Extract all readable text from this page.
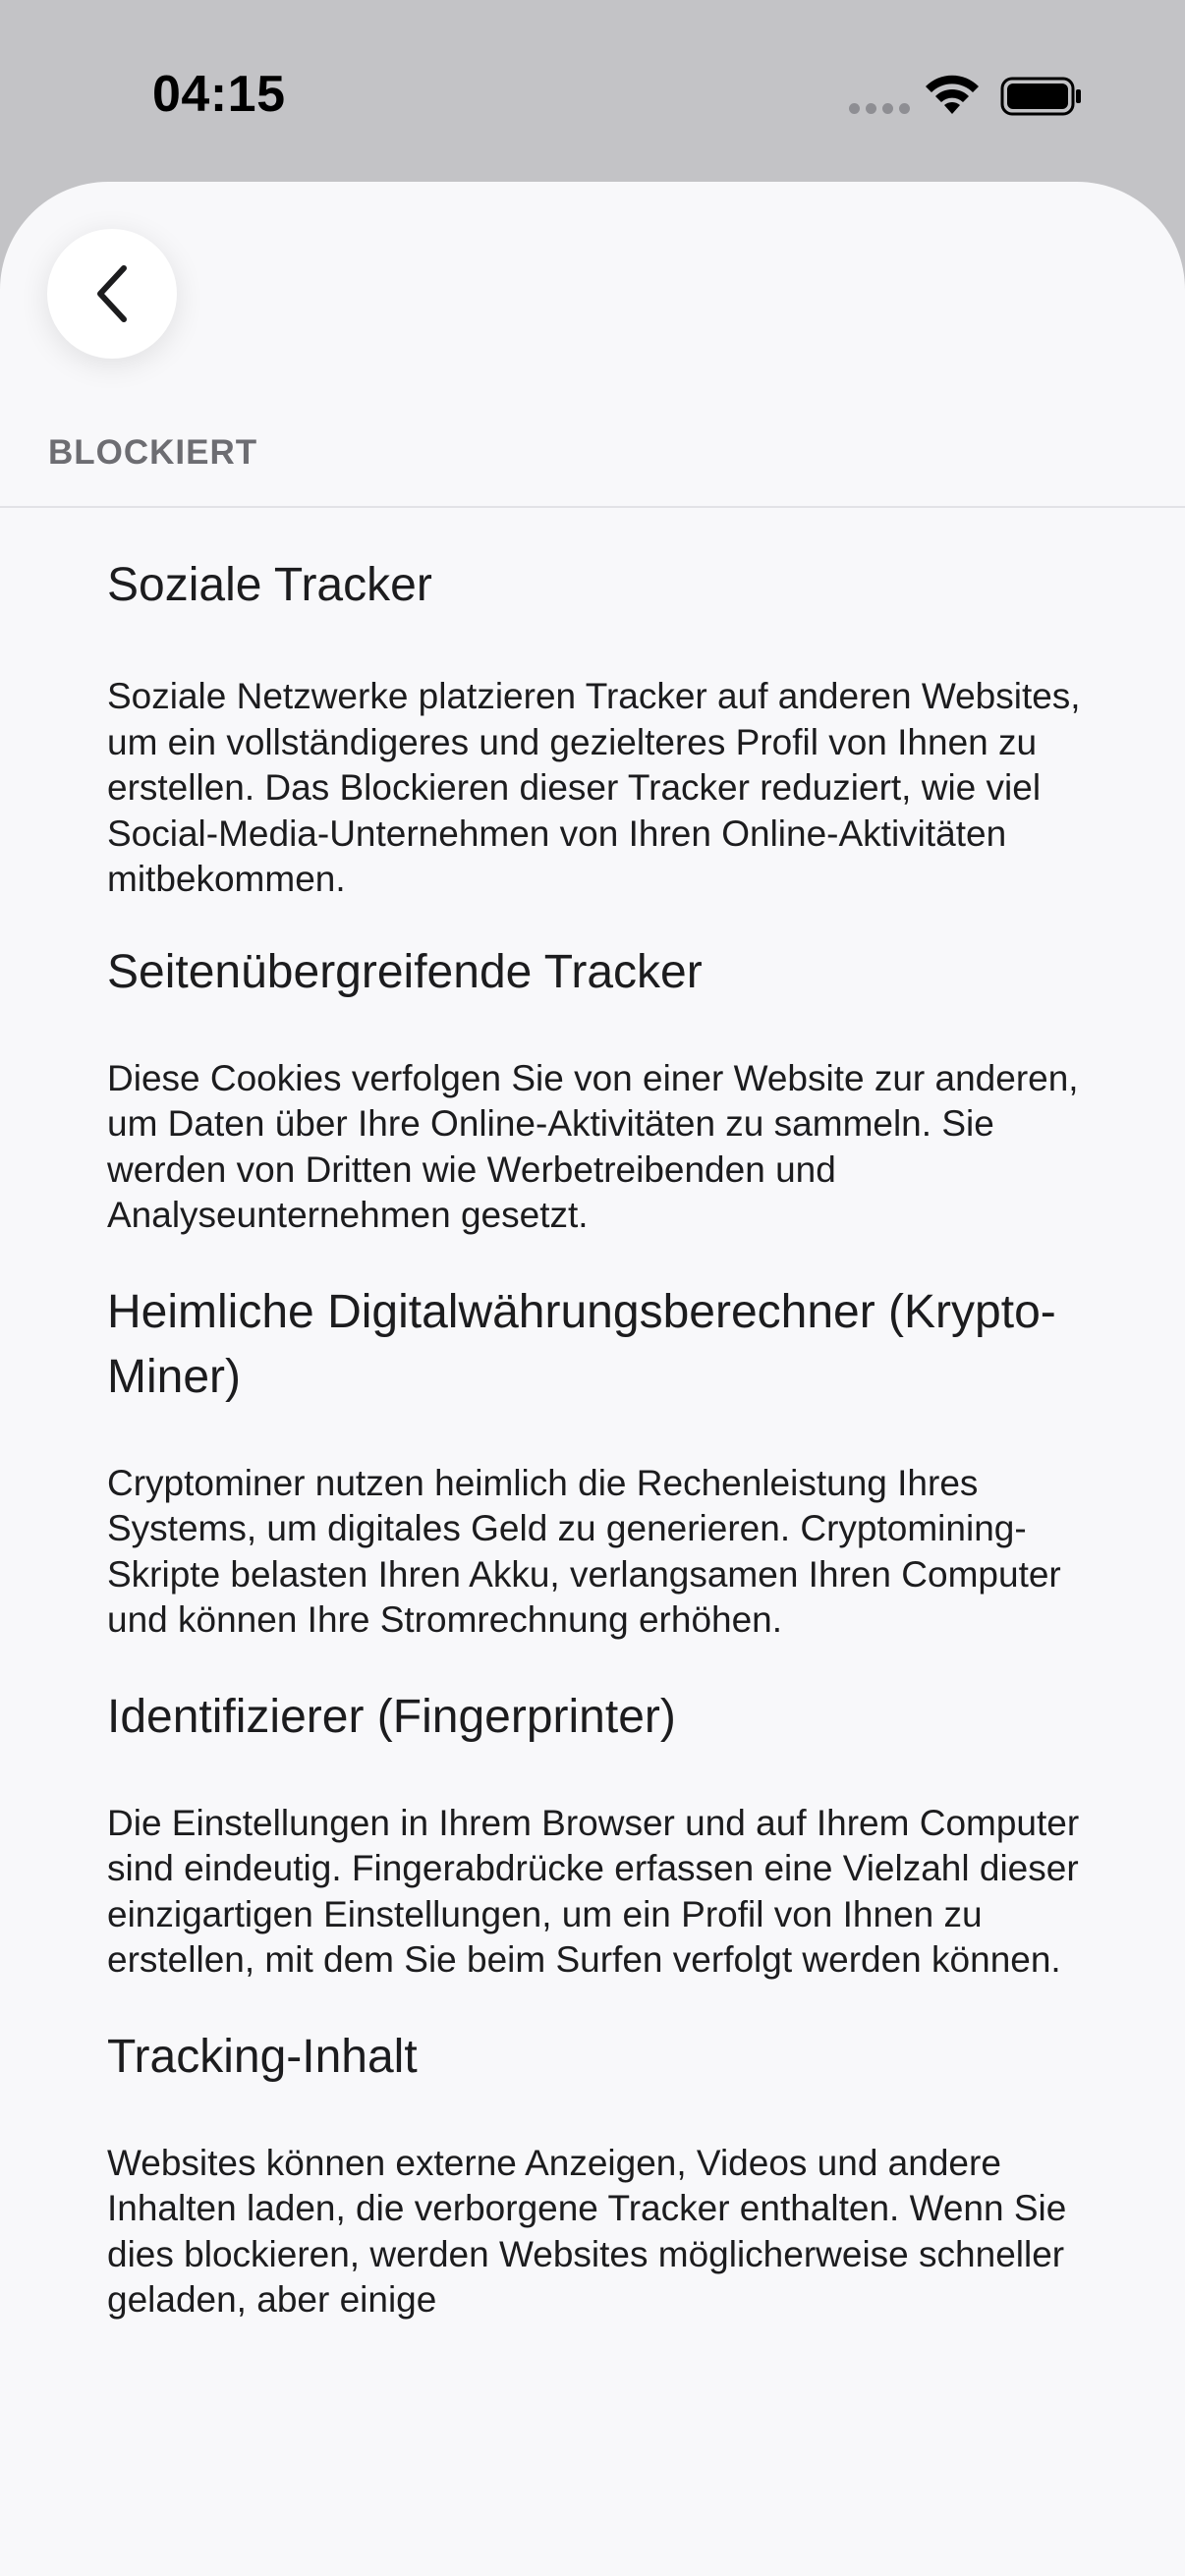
04:15
BLOCKIERT

Soziale Tracker

Soziale Netzwerke platzieren Tracker auf anderen Websites, um ein vollständigeres und gezielteres Profil von Ihnen zu erstellen. Das Blockieren dieser Tracker reduziert, wie viel Social-Media-Unternehmen von Ihren Online-Aktivitäten mitbekommen.

Seitenübergreifende Tracker

Diese Cookies verfolgen Sie von einer Website zur anderen, um Daten über Ihre Online-Aktivitäten zu sammeln. Sie werden von Dritten wie Werbetreibenden und Analyseunternehmen gesetzt.

Heimliche Digitalwährungsberechner (Krypto-Miner)

Cryptominer nutzen heimlich die Rechenleistung Ihres Systems, um digitales Geld zu generieren. Cryptomining-Skripte belasten Ihren Akku, verlangsamen Ihren Computer und können Ihre Stromrechnung erhöhen.

Identifizierer (Fingerprinter)

Die Einstellungen in Ihrem Browser und auf Ihrem Computer sind eindeutig. Fingerabdrücke erfassen eine Vielzahl dieser einzigartigen Einstellungen, um ein Profil von Ihnen zu erstellen, mit dem Sie beim Surfen verfolgt werden können.

Tracking-Inhalt

Websites können externe Anzeigen, Videos und andere Inhalten laden, die verborgene Tracker enthalten. Wenn Sie dies blockieren, werden Websites möglicherweise schneller geladen, aber einige
